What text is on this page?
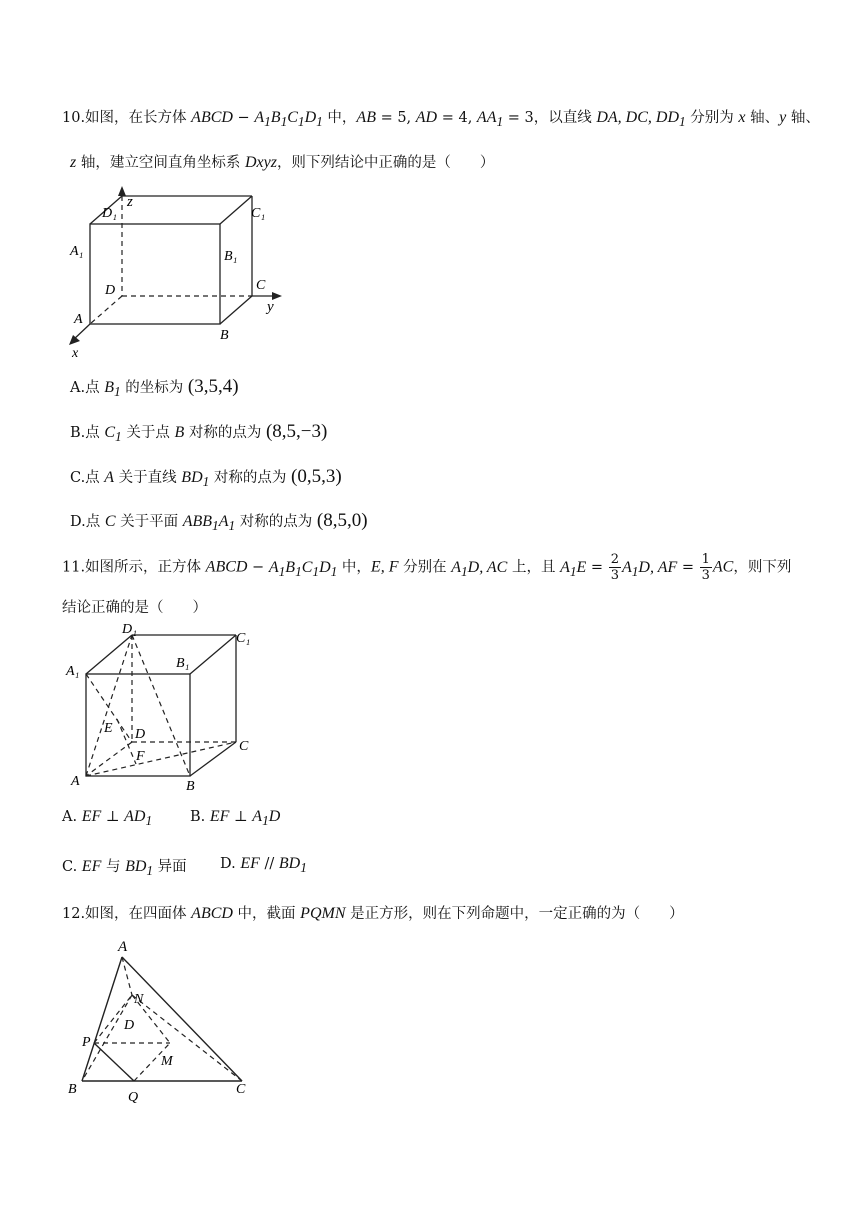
10.如图，在长方体 ABCD − $A_1B_1C_1D_1$ 中，AB = 5, AD = 4, $AA_1 = 3$，以直线 DA, DC, $DD_1$ 分别为 x 轴、y 轴、
z 轴，建立空间直角坐标系 Dxyz，则下列结论中正确的是（　　）
D₁
z
C₁
A₁	B₁
D	C
y
A
B
x
A.点 $B_1$ 的坐标为 (3,5,4)
B.点 $C_1$ 关于点 B 对称的点为 (8,5,−3)
C.点 A 关于直线 $BD_1$ 对称的点为 (0,5,3)
D.点 C 关于平面 $ABB_1A_1$ 对称的点为 (8,5,0)
11.如图所示，正方体 ABCD − $A_1B_1C_1D_1$ 中，E, F 分别在 $A_1D$, AC 上，且 $A_1E = \frac{2}{3} A_1D$, AF = $\frac{1}{3}$ AC，则下列
结论正确的是（　　）
D₁
C₁
B₁
A₁
E D
F
C
A	B
A. EF ⊥ $AD_1$	B. EF ⊥ $A_1D$
C. EF 与 $BD_1$ 异面 D. EF // $BD_1$
12.如图，在四面体 ABCD 中，截面 PQMN 是正方形，则在下列命题中，一定正确的为（　　）
A
N
D
P
M
B
Q
C
